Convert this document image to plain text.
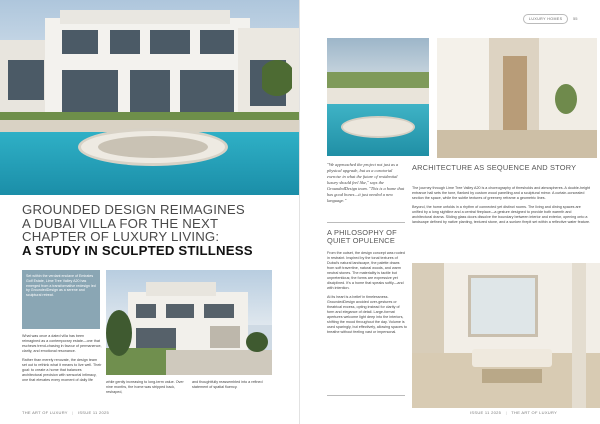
GROUNDED DESIGN REIMAGINES
A DUBAI VILLA FOR THE NEXT
CHAPTER OF LUXURY LIVING:
A STUDY IN SCULPTED STILLNESS
Set within the verdant enclave of Emirates Golf Estate, Lime Tree Valley A20 has emerged from a transformative redesign led by GroundedDesign as a serene and sculptural retreat.

What was once a dated villa has been reimagined as a contemporary estate—one that eschews trend-chasing in favour of permanence, clarity, and emotional resonance.

Rather than merely renovate, the design team set out to rethink what it means to live well. Their goal: to create a home that balances architectural precision with sensorial intimacy, one that elevates every moment of daily life	while gently increasing to long-term value. Over nine months, the home was stripped back, reshaped,
and thoughtfully reassembled into a refined statement of spatial fluency.
THE ART OF LUXURY | ISSUE 11 2025
LUXURY HOMES	55
"We approached the project not just as a physical upgrade, but as a curatorial exercise in what the future of residential luxury should feel like," says the GroundedDesign team. "This is a home that has good bones—it just needed a new language."
A PHILOSOPHY OF QUIET OPULENCE

From the outset, the design concept was rooted in restraint. Inspired by the tonal textures of Dubai's natural landscape, the palette draws from soft travertine, natural woods, and warm neutral stones. The materiality is tactile but unpretentious; the forms are expressive yet disciplined. It's a home that speaks softly—and with intention.

At its heart is a belief in timelessness. GroundedDesign avoided over-gestures or theatrical excess, opting instead for clarity of form and elegance of detail. Large-format apertures welcome light deep into the interiors, shifting the mood throughout the day. Volume is used sparingly, but effectively, allowing spaces to breathe without feeling vast or impersonal.

ARCHITECTURE AS SEQUENCE AND STORY

The journey through Lime Tree Valley A20 is a choreography of thresholds and atmospheres. A double-height entrance hall sets the tone, flanked by custom wood panelling and a sculptural mirror. A curtain-concealed section the space, while the subtle textures of greenery reframe a geometric lines.

Beyond, the home unfolds in a rhythm of connected yet distinct rooms. The living and dining spaces are unified by a long sightline and a central fireplace—a gesture designed to provide both warmth and architectural drama. Sliding glass doors dissolve the boundary between interior and exterior, opening onto a landscape defined by native planting, textured stone, and a sunken firepit set within a reflective water feature.

ISSUE 11 2025 | THE ART OF LUXURY
